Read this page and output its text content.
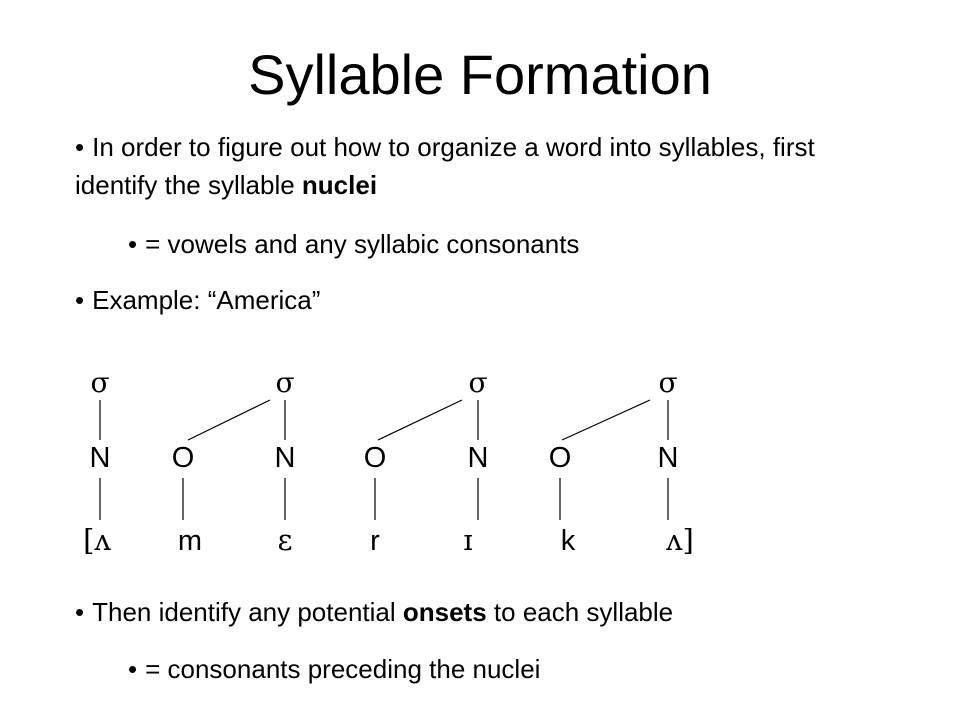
Syllable Formation
• In order to figure out how to organize a word into syllables, first identify the syllable nuclei
• = vowels and any syllabic consonants
• Example: “America”
σ	σ	σ	σ
N O	N O	N O	N
[ʌ m	ɛ	r	ɪ	k	ʌ]
• Then identify any potential onsets to each syllable
• = consonants preceding the nuclei
